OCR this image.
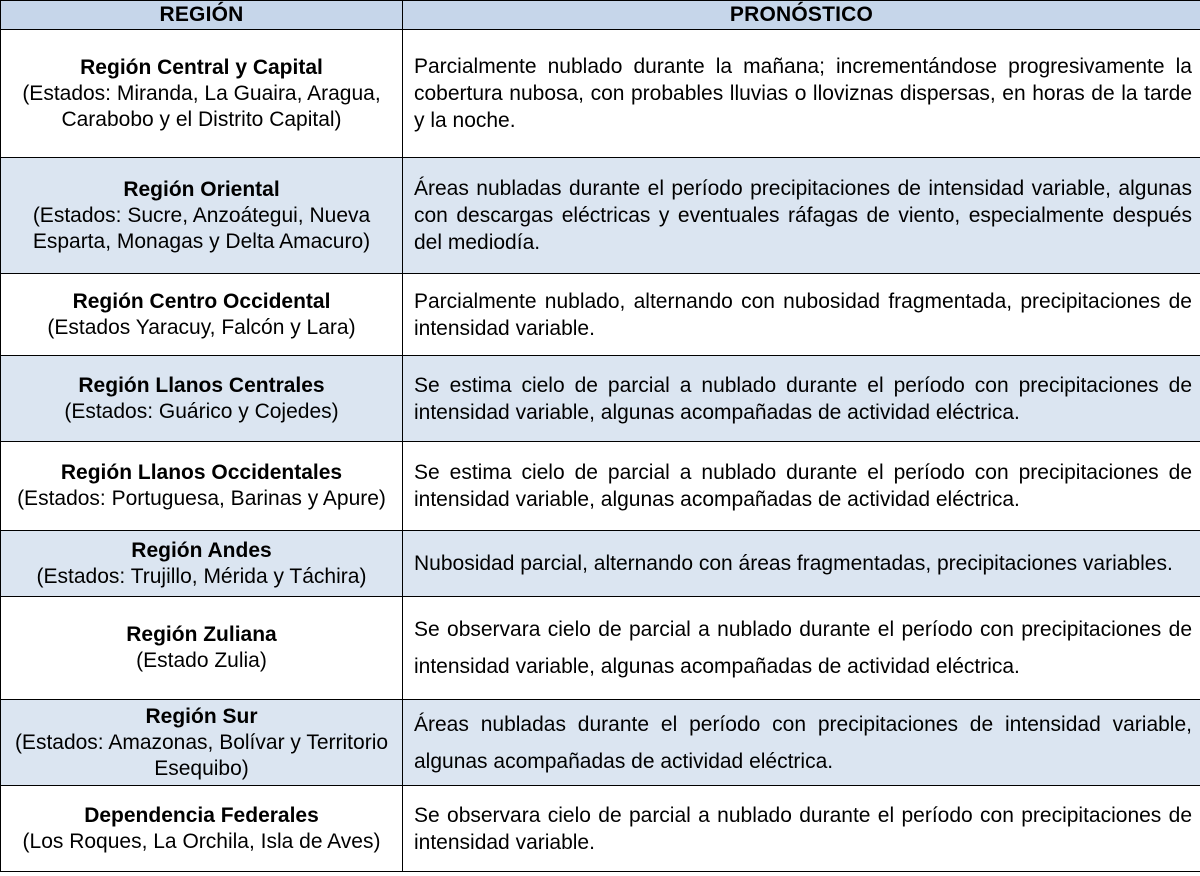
REGIÓN	PRONÓSTICO

Región Central y Capital
(Estados: Miranda, La Guaira, Aragua, Carabobo y el Distrito Capital)	Parcialmente nublado durante la mañana; incrementándose progresivamente la cobertura nubosa, con probables lluvias o lloviznas dispersas, en horas de la tarde y la noche.

Región Oriental
(Estados: Sucre, Anzoátegui, Nueva Esparta, Monagas y Delta Amacuro)	Áreas nubladas durante el período precipitaciones de intensidad variable, algunas con descargas eléctricas y eventuales ráfagas de viento, especialmente después del mediodía.

Región Centro Occidental
(Estados Yaracuy, Falcón y Lara)	Parcialmente nublado, alternando con nubosidad fragmentada, precipitaciones de intensidad variable.

Región Llanos Centrales
(Estados: Guárico y Cojedes)	Se estima cielo de parcial a nublado durante el período con precipitaciones de intensidad variable, algunas acompañadas de actividad eléctrica.

Región Llanos Occidentales
(Estados: Portuguesa, Barinas y Apure)	Se estima cielo de parcial a nublado durante el período con precipitaciones de intensidad variable, algunas acompañadas de actividad eléctrica.

Región Andes
(Estados: Trujillo, Mérida y Táchira)	Nubosidad parcial, alternando con áreas fragmentadas, precipitaciones variables.

Región Zuliana
(Estado Zulia)	Se observara cielo de parcial a nublado durante el período con precipitaciones de intensidad variable, algunas acompañadas de actividad eléctrica.

Región Sur
(Estados: Amazonas, Bolívar y Territorio Esequibo)	Áreas nubladas durante el período con precipitaciones de intensidad variable, algunas acompañadas de actividad eléctrica.

Dependencia Federales
(Los Roques, La Orchila, Isla de Aves)	Se observara cielo de parcial a nublado durante el período con precipitaciones de intensidad variable.
